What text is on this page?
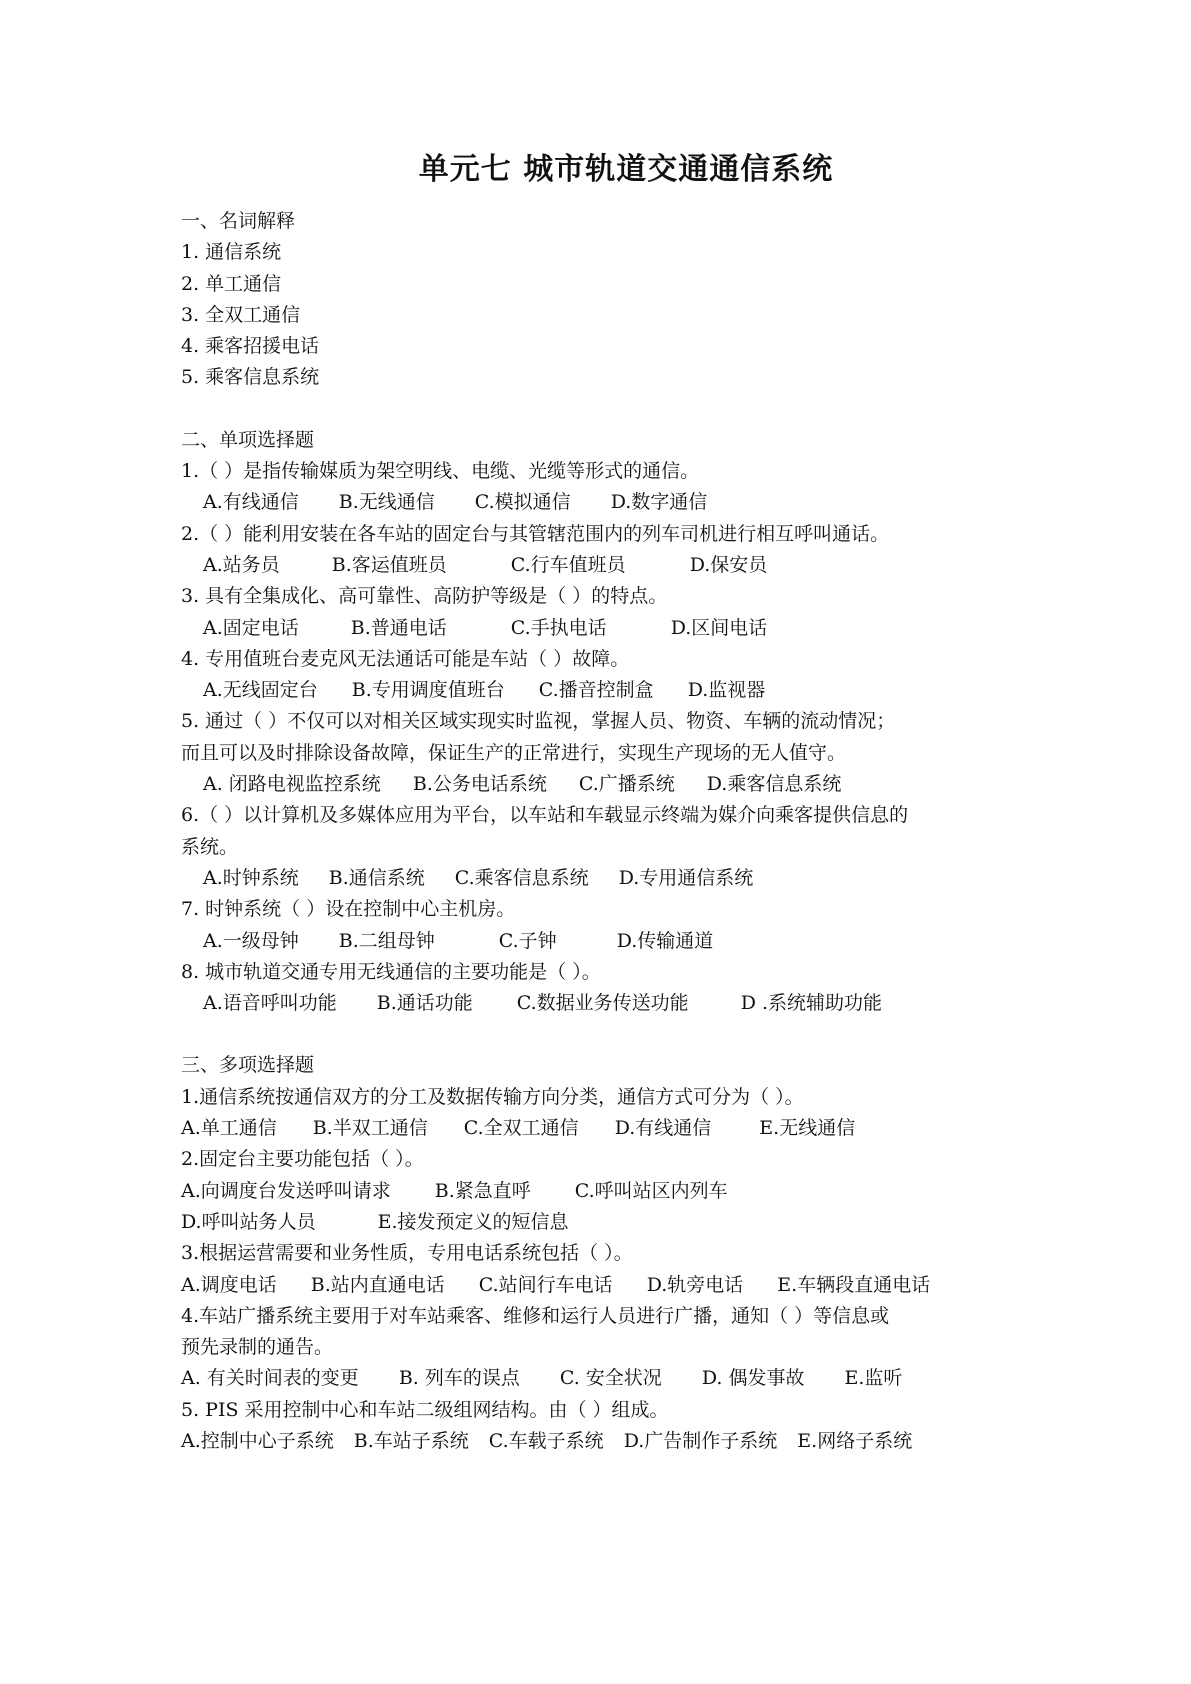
单元七 城市轨道交通通信系统

一、名词解释

1. 通信系统

2. 单工通信

3. 全双工通信

4. 乘客招援电话

5. 乘客信息系统

二、单项选择题

1.（ ）是指传输媒质为架空明线、电缆、光缆等形式的通信。

A.有线通信 B.无线通信 C.模拟通信 D.数字通信

2.（ ）能利用安装在各车站的固定台与其管辖范围内的列车司机进行相互呼叫通话。

A.站务员	B.客运值班员	C.行车值班员	D.保安员

3. 具有全集成化、高可靠性、高防护等级是（ ）的特点。

A.固定电话	B.普通电话	C.手执电话	D.区间电话

4. 专用值班台麦克风无法通话可能是车站（ ）故障。

A.无线固定台 B.专用调度值班台 C.播音控制盒 D.监视器

5. 通过（ ）不仅可以对相关区域实现实时监视，掌握人员、物资、车辆的流动情况；

而且可以及时排除设备故障，保证生产的正常进行，实现生产现场的无人值守。

A. 闭路电视监控系统 B.公务电话系统 C.广播系统 D.乘客信息系统

6.（ ）以计算机及多媒体应用为平台，以车站和车载显示终端为媒介向乘客提供信息的

系统。

A.时钟系统 B.通信系统 C.乘客信息系统 D.专用通信系统

7. 时钟系统（ ）设在控制中心主机房。

A.一级母钟 B.二组母钟	C.子钟	D.传输通道

8. 城市轨道交通专用无线通信的主要功能是（ ）。

A.语音呼叫功能 B.通话功能 C.数据业务传送功能	D .系统辅助功能

三、多项选择题

1.通信系统按通信双方的分工及数据传输方向分类，通信方式可分为（ ）。

A.单工通信 B.半双工通信 C.全双工通信 D.有线通信	E.无线通信

2.固定台主要功能包括（ ）。

A.向调度台发送呼叫请求 B.紧急直呼 C.呼叫站区内列车

D.呼叫站务人员	E.接发预定义的短信息

3.根据运营需要和业务性质，专用电话系统包括（ ）。

A.调度电话 B.站内直通电话 C.站间行车电话 D.轨旁电话 E.车辆段直通电话

4.车站广播系统主要用于对车站乘客、维修和运行人员进行广播，通知（ ）等信息或

预先录制的通告。

A. 有关时间表的变更 B. 列车的误点 C. 安全状况 D. 偶发事故 E.监听

5. PIS 采用控制中心和车站二级组网结构。由（ ）组成。

A.控制中心子系统 B.车站子系统 C.车载子系统 D.广告制作子系统 E.网络子系统
